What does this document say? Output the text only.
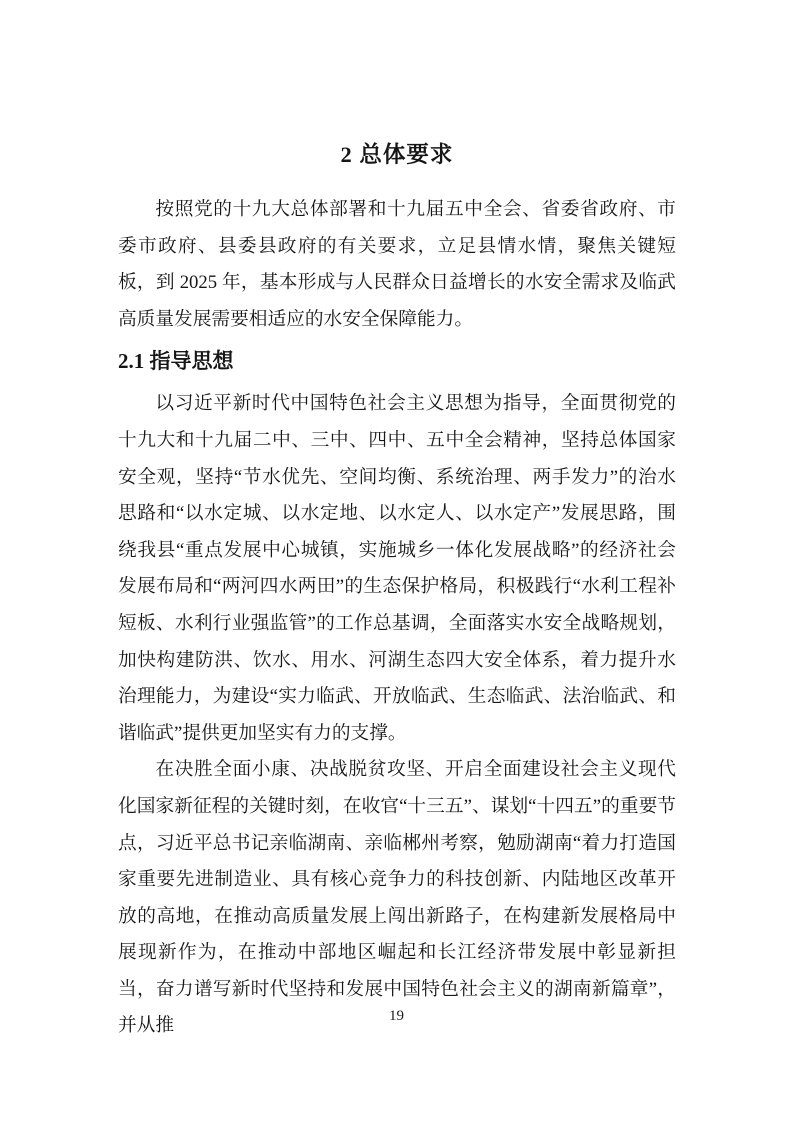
2 总体要求

按照党的十九大总体部署和十九届五中全会、省委省政府、市委市政府、县委县政府的有关要求，立足县情水情，聚焦关键短板，到 2025 年，基本形成与人民群众日益增长的水安全需求及临武高质量发展需要相适应的水安全保障能力。

2.1 指导思想

以习近平新时代中国特色社会主义思想为指导，全面贯彻党的十九大和十九届二中、三中、四中、五中全会精神，坚持总体国家安全观，坚持“节水优先、空间均衡、系统治理、两手发力”的治水思路和“以水定城、以水定地、以水定人、以水定产”发展思路，围绕我县“重点发展中心城镇，实施城乡一体化发展战略”的经济社会发展布局和“两河四水两田”的生态保护格局，积极践行“水利工程补短板、水利行业强监管”的工作总基调，全面落实水安全战略规划，加快构建防洪、饮水、用水、河湖生态四大安全体系，着力提升水治理能力，为建设“实力临武、开放临武、生态临武、法治临武、和谐临武”提供更加坚实有力的支撑。

在决胜全面小康、决战脱贫攻坚、开启全面建设社会主义现代化国家新征程的关键时刻，在收官“十三五”、谋划“十四五”的重要节点，习近平总书记亲临湖南、亲临郴州考察，勉励湖南“着力打造国家重要先进制造业、具有核心竞争力的科技创新、内陆地区改革开放的高地，在推动高质量发展上闯出新路子，在构建新发展格局中展现新作为，在推动中部地区崛起和长江经济带发展中彰显新担当，奋力谱写新时代坚持和发展中国特色社会主义的湖南新篇章”，并从推	19
